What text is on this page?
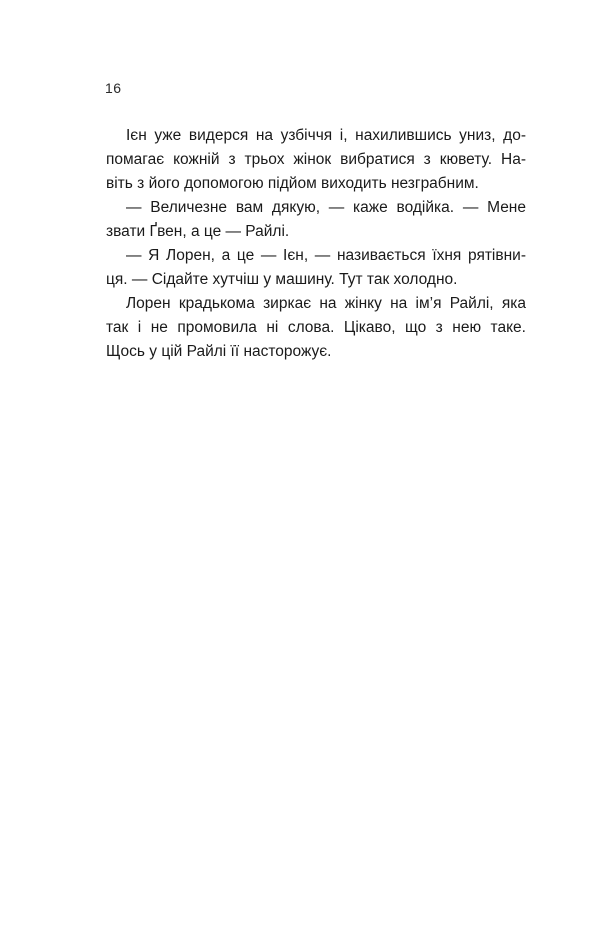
16
Ієн уже видерся на узбіччя і, нахилившись униз, до-
помагає кожній з трьох жінок вибратися з кювету. На-
віть з його допомогою підйом виходить незграбним.
— Величезне вам дякую, — каже водійка. — Мене
звати Ґвен, а це — Райлі.
— Я Лорен, а це — Ієн, — називається їхня рятівни-
ця. — Сідайте хутчіш у машину. Тут так холодно.
Лорен крадькома зиркає на жінку на ім’я Райлі, яка
так і не промовила ні слова. Цікаво, що з нею таке.
Щось у цій Райлі її насторожує.
